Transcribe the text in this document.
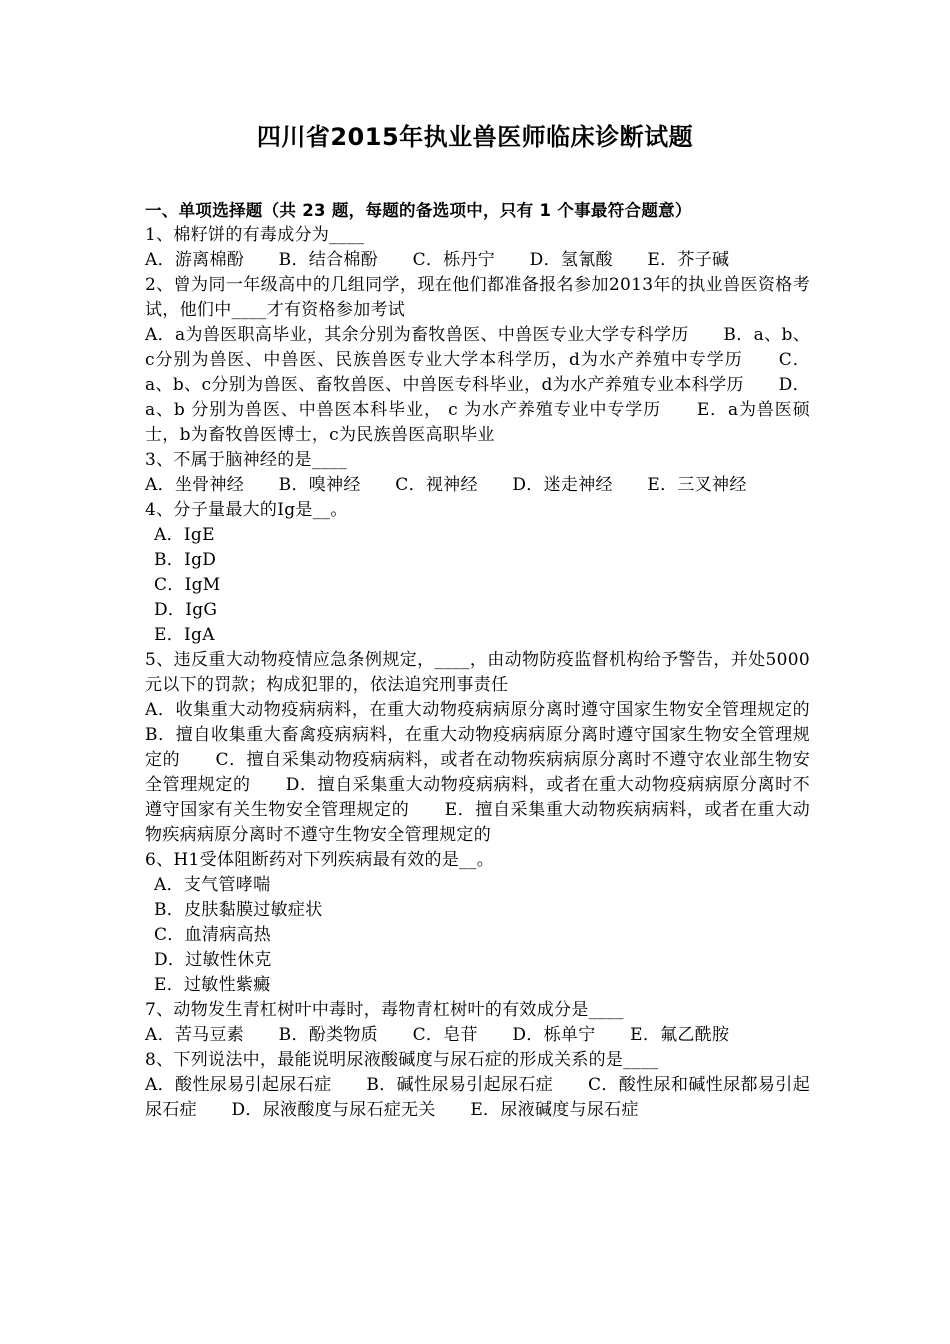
四川省2015年执业兽医师临床诊断试题
一、单项选择题（共 23 题，每题的备选项中，只有 1 个事最符合题意）
1、棉籽饼的有毒成分为____
A．游离棉酚　　B．结合棉酚　　C．栎丹宁　　D．氢氰酸　　E．芥子碱
2、曾为同一年级高中的几组同学，现在他们都准备报名参加2013年的执业兽医资格考试，他们中____才有资格参加考试
A．a为兽医职高毕业，其余分别为畜牧兽医、中兽医专业大学专科学历　　B．a、b、c分别为兽医、中兽医、民族兽医专业大学本科学历，d为水产养殖中专学历　　C．a、b、c分别为兽医、畜牧兽医、中兽医专科毕业，d为水产养殖专业本科学历　　D．a、b 分别为兽医、中兽医本科毕业， c 为水产养殖专业中专学历　　E．a为兽医硕士，b为畜牧兽医博士，c为民族兽医高职毕业
3、不属于脑神经的是____
A．坐骨神经　　B．嗅神经　　C．视神经　　D．迷走神经　　E．三叉神经
4、分子量最大的Ig是__。
A．IgE
B．IgD
C．IgM
D．IgG
E．IgA
5、违反重大动物疫情应急条例规定，____，由动物防疫监督机构给予警告，并处5000元以下的罚款；构成犯罪的，依法追究刑事责任
A．收集重大动物疫病病料，在重大动物疫病病原分离时遵守国家生物安全管理规定的　　B．擅自收集重大畜禽疫病病料，在重大动物疫病病原分离时遵守国家生物安全管理规定的　　C．擅自采集动物疫病病料，或者在动物疾病病原分离时不遵守农业部生物安全管理规定的　　D．擅自采集重大动物疫病病料，或者在重大动物疫病病原分离时不遵守国家有关生物安全管理规定的　　E．擅自采集重大动物疾病病料，或者在重大动物疾病病原分离时不遵守生物安全管理规定的
6、H1受体阻断药对下列疾病最有效的是__。
A．支气管哮喘
B．皮肤黏膜过敏症状
C．血清病高热
D．过敏性休克
E．过敏性紫癜
7、动物发生青杠树叶中毒时，毒物青杠树叶的有效成分是____
A．苦马豆素　　B．酚类物质　　C．皂苷　　D．栎单宁　　E．氟乙酰胺
8、下列说法中，最能说明尿液酸碱度与尿石症的形成关系的是____
A．酸性尿易引起尿石症　　B．碱性尿易引起尿石症　　C．酸性尿和碱性尿都易引起尿石症　　D．尿液酸度与尿石症无关　　E．尿液碱度与尿石症
